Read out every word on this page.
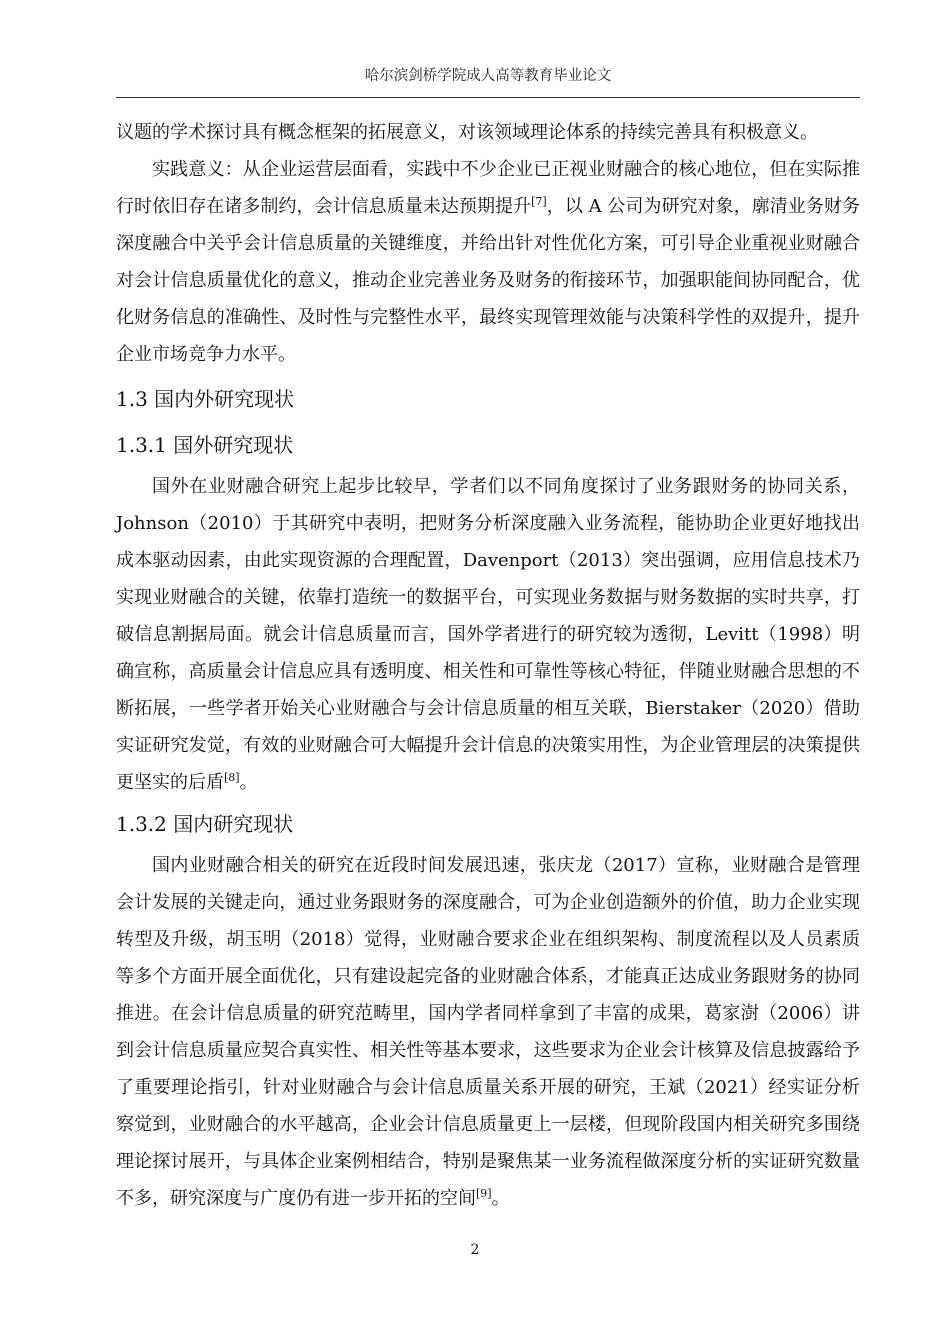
哈尔滨剑桥学院成人高等教育毕业论文

议题的学术探讨具有概念框架的拓展意义，对该领域理论体系的持续完善具有积极意义。

实践意义：从企业运营层面看，实践中不少企业已正视业财融合的核心地位，但在实际推行时依旧存在诸多制约，会计信息质量未达预期提升[7]，以 A 公司为研究对象，廓清业务财务深度融合中关乎会计信息质量的关键维度，并给出针对性优化方案，可引导企业重视业财融合对会计信息质量优化的意义，推动企业完善业务及财务的衔接环节，加强职能间协同配合，优化财务信息的准确性、及时性与完整性水平，最终实现管理效能与决策科学性的双提升，提升企业市场竞争力水平。

1.3 国内外研究现状
1.3.1 国外研究现状

国外在业财融合研究上起步比较早，学者们以不同角度探讨了业务跟财务的协同关系，Johnson（2010）于其研究中表明，把财务分析深度融入业务流程，能协助企业更好地找出成本驱动因素，由此实现资源的合理配置，Davenport（2013）突出强调，应用信息技术乃实现业财融合的关键，依靠打造统一的数据平台，可实现业务数据与财务数据的实时共享，打破信息割据局面。就会计信息质量而言，国外学者进行的研究较为透彻，Levitt（1998）明确宣称，高质量会计信息应具有透明度、相关性和可靠性等核心特征，伴随业财融合思想的不断拓展，一些学者开始关心业财融合与会计信息质量的相互关联，Bierstaker（2020）借助实证研究发觉，有效的业财融合可大幅提升会计信息的决策实用性，为企业管理层的决策提供更坚实的后盾[8]。

1.3.2 国内研究现状

国内业财融合相关的研究在近段时间发展迅速，张庆龙（2017）宣称，业财融合是管理会计发展的关键走向，通过业务跟财务的深度融合，可为企业创造额外的价值，助力企业实现转型及升级，胡玉明（2018）觉得，业财融合要求企业在组织架构、制度流程以及人员素质等多个方面开展全面优化，只有建设起完备的业财融合体系，才能真正达成业务跟财务的协同推进。在会计信息质量的研究范畴里，国内学者同样拿到了丰富的成果，葛家澍（2006）讲到会计信息质量应契合真实性、相关性等基本要求，这些要求为企业会计核算及信息披露给予了重要理论指引，针对业财融合与会计信息质量关系开展的研究，王斌（2021）经实证分析察觉到，业财融合的水平越高，企业会计信息质量更上一层楼，但现阶段国内相关研究多围绕理论探讨展开，与具体企业案例相结合，特别是聚焦某一业务流程做深度分析的实证研究数量不多，研究深度与广度仍有进一步开拓的空间[9]。

2
